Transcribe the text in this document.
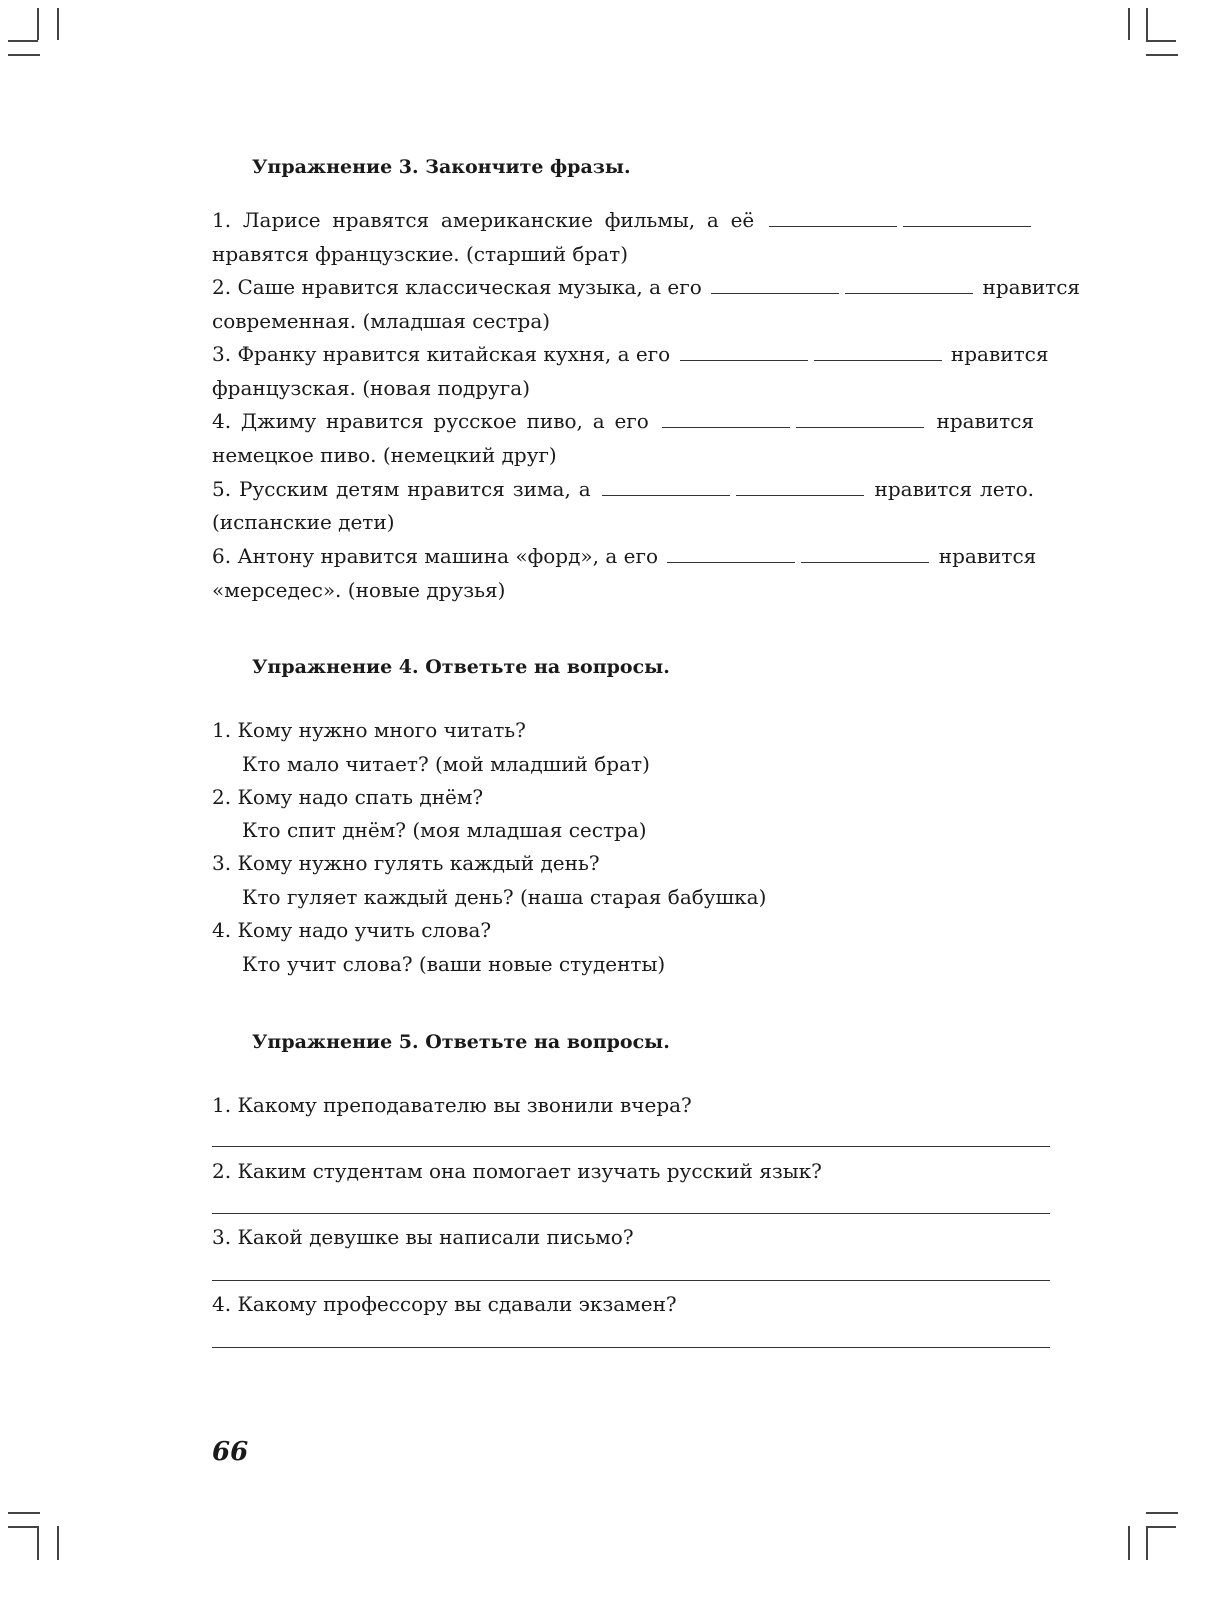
Упражнение 3. Закончите фразы.

1. Ларисе нравятся американские фильмы, а её

нравятся французские. (старший брат)

2. Саше нравится классическая музыка, а его	нравится

современная. (младшая сестра)

3. Франку нравится китайская кухня, а его	нравится

французская. (новая подруга)

4. Джиму нравится русское пиво, а его	нравится

немецкое пиво. (немецкий друг)

5. Русским детям нравится зима, а	нравится лето.

(испанские дети)

6. Антону нравится машина «форд», а его	нравится

«мерседес». (новые друзья)

Упражнение 4. Ответьте на вопросы.

1. Кому нужно много читать?

Кто мало читает? (мой младший брат)

2. Кому надо спать днём?

Кто спит днём? (моя младшая сестра)

3. Кому нужно гулять каждый день?

Кто гуляет каждый день? (наша старая бабушка)

4. Кому надо учить слова?

Кто учит слова? (ваши новые студенты)

Упражнение 5. Ответьте на вопросы.

1. Какому преподавателю вы звонили вчера?

2. Каким студентам она помогает изучать русский язык?

3. Какой девушке вы написали письмо?

4. Какому профессору вы сдавали экзамен?

66
